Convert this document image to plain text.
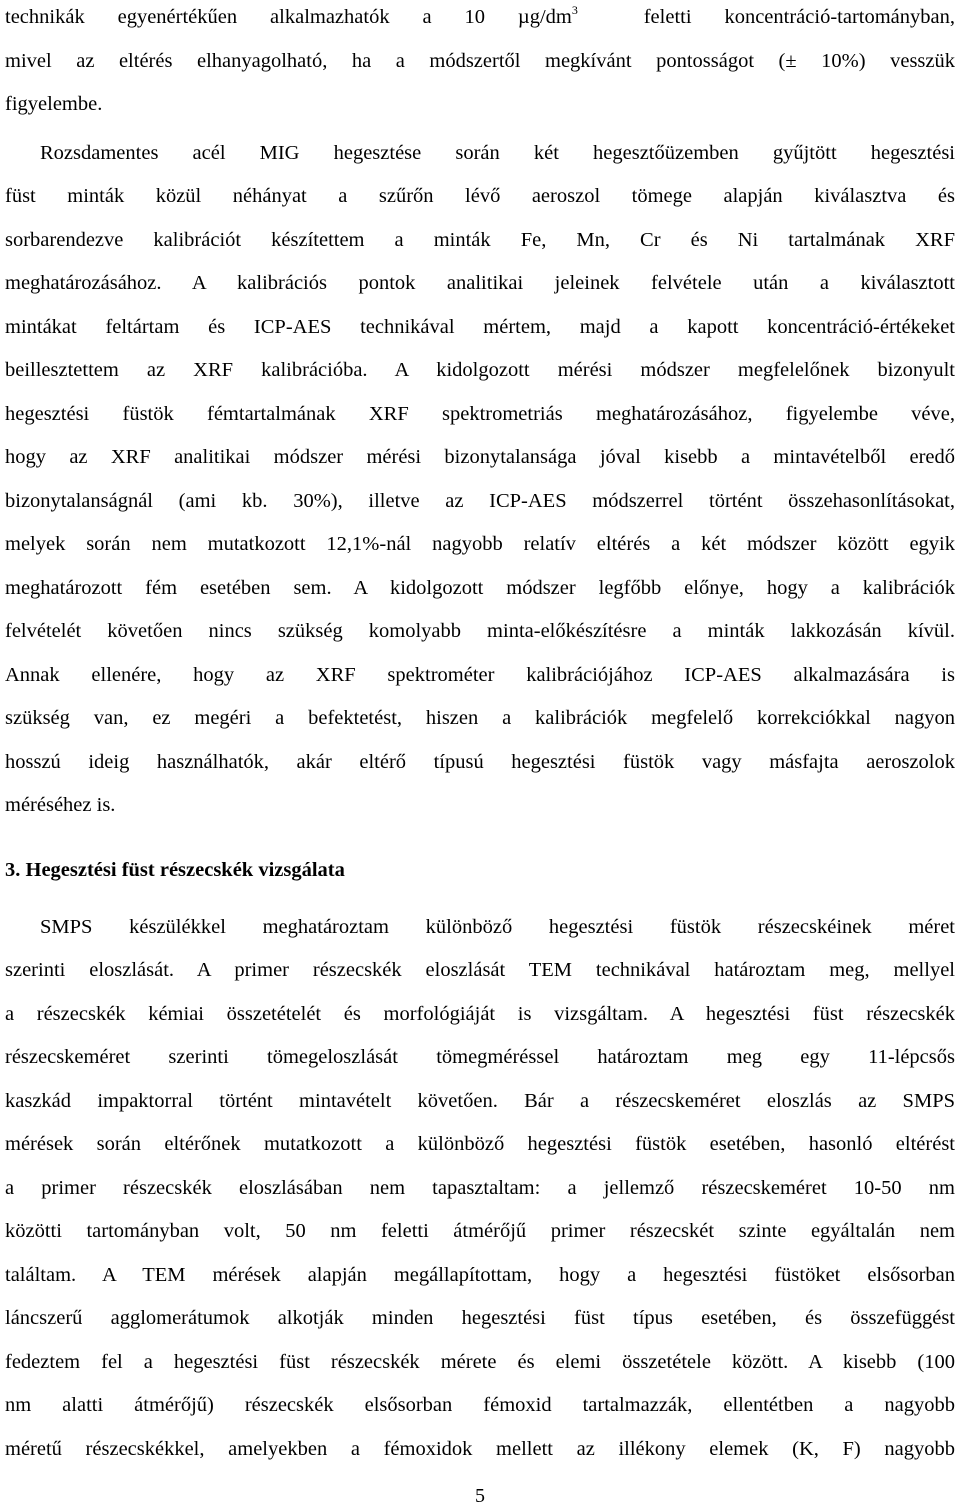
technikák egyenértékűen alkalmazhatók a 10 $\mu g/dm^3$	feletti koncentráció-tartományban,
mivel az eltérés elhanyagolható, ha a módszertől megkívánt pontosságot (± 10%) vesszük
figyelembe.
Rozsdamentes acél MIG hegesztése során két hegesztőüzemben gyűjtött hegesztési
füst minták közül néhányat a szűrőn lévő aeroszol tömege alapján kiválasztva és
sorbarendezve kalibrációt készítettem a minták Fe, Mn, Cr és Ni tartalmának XRF
meghatározásához. A kalibrációs pontok analitikai jeleinek felvétele után a kiválasztott
mintákat feltártam és ICP-AES technikával mértem, majd a kapott koncentráció-értékeket
beillesztettem az XRF kalibrációba. A kidolgozott mérési módszer megfelelőnek bizonyult
hegesztési füstök fémtartalmának XRF spektrometriás meghatározásához, figyelembe véve,
hogy az XRF analitikai módszer mérési bizonytalansága jóval kisebb a mintavételből eredő
bizonytalanságnál (ami kb. 30%), illetve az ICP-AES módszerrel történt összehasonlításokat,
melyek során nem mutatkozott 12,1%-nál nagyobb relatív eltérés a két módszer között egyik
meghatározott fém esetében sem. A kidolgozott módszer legfőbb előnye, hogy a kalibrációk
felvételét követően nincs szükség komolyabb minta-előkészítésre a minták lakkozásán kívül.
Annak ellenére, hogy az XRF spektrométer kalibrációjához ICP-AES alkalmazására is
szükség van, ez megéri a befektetést, hiszen a kalibrációk megfelelő korrekciókkal nagyon
hosszú ideig használhatók, akár eltérő típusú hegesztési füstök vagy másfajta aeroszolok
méréséhez is.
3. Hegesztési füst részecskék vizsgálata
SMPS készülékkel meghatároztam különböző hegesztési füstök részecskéinek méret
szerinti eloszlását. A primer részecskék eloszlását TEM technikával határoztam meg, mellyel
a részecskék kémiai összetételét és morfológiáját is vizsgáltam. A hegesztési füst részecskék
részecskeméret szerinti tömegeloszlását tömegméréssel határoztam meg egy 11-lépcsős
kaszkád impaktorral történt mintavételt követően. Bár a részecskeméret eloszlás az SMPS
mérések során eltérőnek mutatkozott a különböző hegesztési füstök esetében, hasonló eltérést
a primer részecskék eloszlásában nem tapasztaltam: a jellemző részecskeméret 10-50 nm
közötti tartományban volt, 50 nm feletti átmérőjű primer részecskét szinte egyáltalán nem
találtam. A TEM mérések alapján megállapítottam, hogy a hegesztési füstöket elsősorban
láncszerű agglomerátumok alkotják minden hegesztési füst típus esetében, és összefüggést
fedeztem fel a hegesztési füst részecskék mérete és elemi összetétele között. A kisebb (100
nm alatti átmérőjű) részecskék elsősorban fémoxid tartalmazzák, ellentétben a nagyobb
méretű részecskékkel, amelyekben a fémoxidok mellett az illékony elemek (K, F) nagyobb
5
